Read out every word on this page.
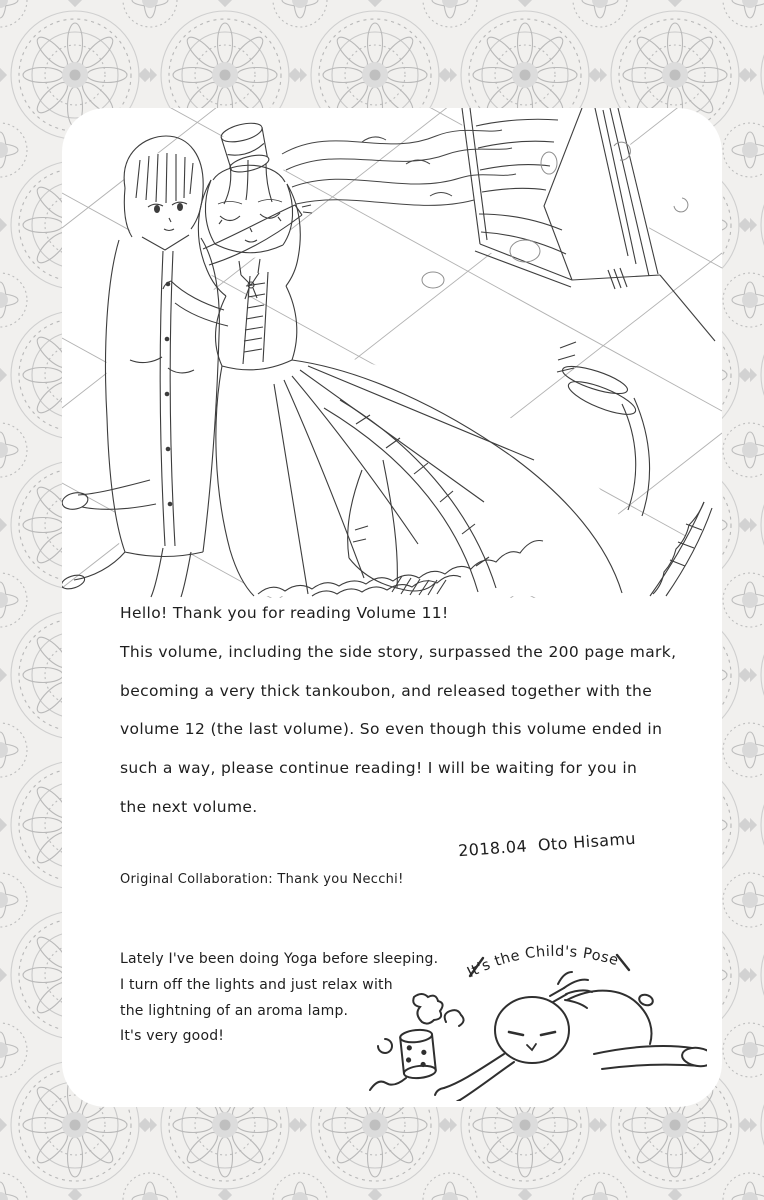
Hello! Thank you for reading Volume 11!

This volume, including the side story, surpassed the 200 page mark,

becoming a very thick tankoubon, and released together with the

volume 12 (the last volume). So even though this volume ended in

such a way, please continue reading! I will be waiting for you in

the next volume.

2018.04  Oto Hisamu
Original Collaboration: Thank you Necchi!

Lately I've been doing Yoga before sleeping.

I turn off the lights and just relax with

the lightning of an aroma lamp.

It's very good!

It's the Child's Pose
